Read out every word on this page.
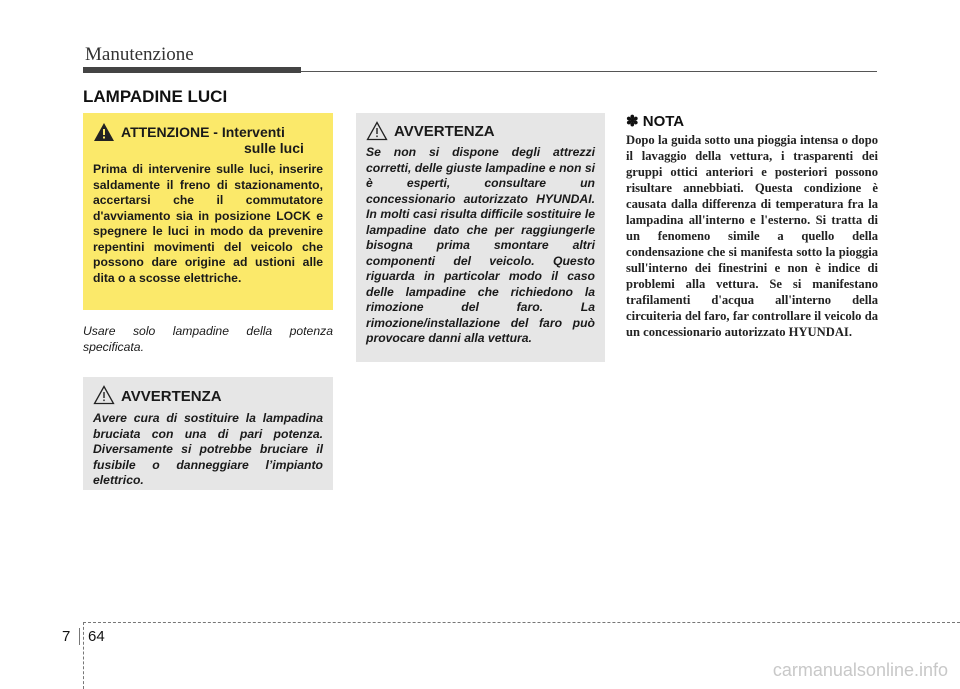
Manutenzione
LAMPADINE LUCI
ATTENZIONE - Interventi
sulle luci
Prima di intervenire sulle luci, inserire saldamente il freno di stazionamento, accertarsi che il commutatore d'avviamento sia in posizione LOCK e spegnere le luci in modo da prevenire repentini movimenti del veicolo che possono dare origine ad ustioni alle dita o a scosse elettriche.
Usare solo lampadine della potenza specificata.
AVVERTENZA
Avere cura di sostituire la lampadina bruciata con una di pari potenza. Diversamente si potrebbe bruciare il fusibile o danneggiare l’impianto elettrico.
AVVERTENZA
Se non si dispone degli attrezzi corretti, delle giuste lampadine e non si è esperti, consultare un concessionario autorizzato HYUNDAI. In molti casi risulta difficile sostituire le lampadine dato che per raggiungerle bisogna prima smontare altri componenti del veicolo. Questo riguarda in particolar modo il caso delle lampadine che richiedono la rimozione del faro. La rimozione/installazione del faro può provocare danni alla vettura.
✽ NOTA
Dopo la guida sotto una pioggia intensa o dopo il lavaggio della vettura, i trasparenti dei gruppi ottici anteriori e posteriori possono risultare annebbiati. Questa condizione è causata dalla differenza di temperatura fra la lampadina all'interno e l'esterno. Si tratta di un fenomeno simile a quello della condensazione che si manifesta sotto la pioggia sull'interno dei finestrini e non è indice di problemi alla vettura. Se si manifestano trafilamenti d'acqua all'interno della circuiteria del faro, far controllare il veicolo da un concessionario autorizzato HYUNDAI.
7 64
carmanualsonline.info
